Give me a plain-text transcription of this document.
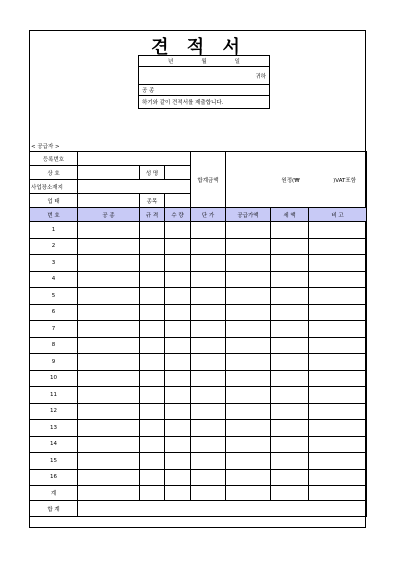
견 적 서
년	월	일
귀하
공 종
하기와 같이 견적서를 제출합니다.
< 공급자 >
등록번호				합계금액	원정(₩ )VAT포함
상 호		성 명			
사업장소재지					
업 태		종목			
번 호	공 종	규 격	수 량	단 가	공급가액	세 액	비 고
1							
2							
3							
4							
5							
6							
7							
8							
9							
10							
11							
12							
13							
14							
15							
16							
계							
합 계							
